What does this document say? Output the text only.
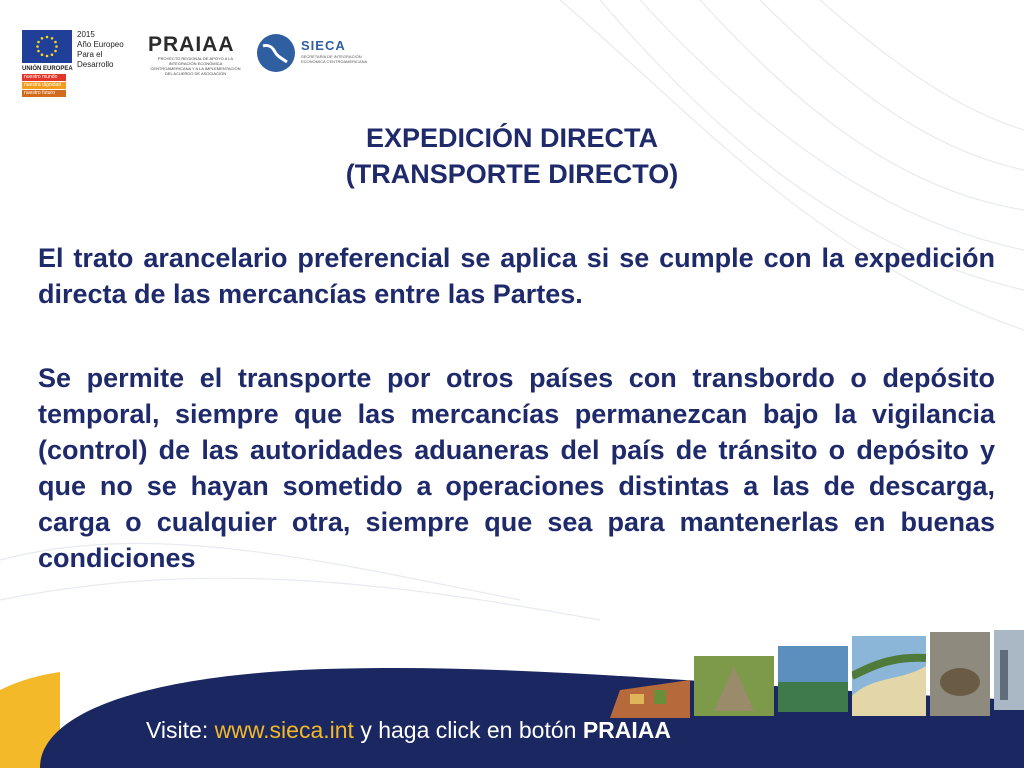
2015
Año Europeo
Para el Desarrollo
UNIÓN EUROPEA
nuestro mundo
nuestra dignidad
nuestro futuro
PRAIAA
PROYECTO REGIONAL DE APOYO A LA INTEGRACIÓN ECONÓMICA CENTROAMERICANA Y A LA IMPLEMENTACIÓN DEL ACUERDO DE ASOCIACIÓN
SIECA
SECRETARÍA DE INTEGRACIÓN ECONÓMICA CENTROAMERICANA
EXPEDICIÓN DIRECTA
(TRANSPORTE DIRECTO)

El trato arancelario preferencial se aplica si se cumple con la expedición directa de las mercancías entre las Partes.

Se permite el transporte por otros países con transbordo o depósito temporal, siempre que las mercancías permanezcan bajo la vigilancia (control) de las autoridades aduaneras del país de tránsito o depósito y que no se hayan sometido a operaciones distintas a las de descarga, carga o cualquier otra, siempre que sea para mantenerlas en buenas condiciones

Visite: www.sieca.int y haga click en botón PRAIAA
